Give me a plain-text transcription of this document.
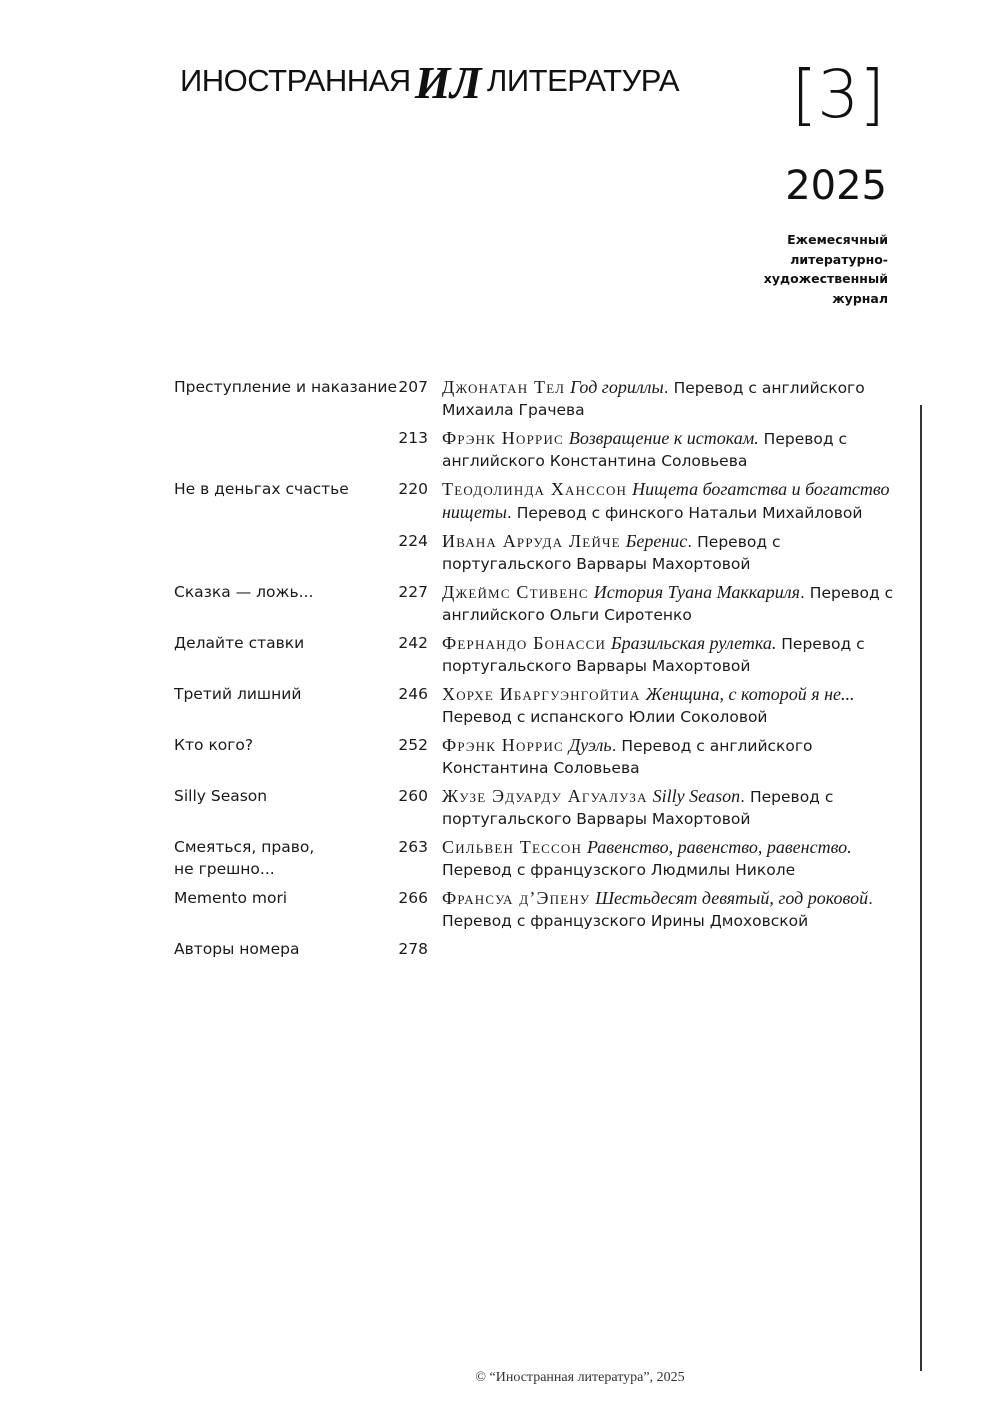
ИНОСТРАННАЯ ИЛ ЛИТЕРАТУРА [3]
2025
Ежемесячный
литературно-
художественный
журнал
Преступление и наказание 207 Джонатан Тел Год гориллы. Перевод с английского Михаила Грачева
213 Фрэнк Норрис Возвращение к истокам. Перевод с английского Константина Соловьева
Не в деньгах счастье	220 Теодолинда Ханссон Нищета богатства и богатство нищеты. Перевод с финского Натальи Михайловой
224 Ивана Арруда Лейче Беренис. Перевод с португальского Варвары Махортовой
Сказка — ложь...	227 Джеймс Стивенс История Туана Маккариля. Перевод с английского Ольги Сиротенко
Делайте ставки	242 Фернандо Бонасси Бразильская рулетка. Перевод с португальского Варвары Махортовой
Третий лишний	246 Хорхе Ибаргуэнгойтиа Женщина, с которой я не... Перевод с испанского Юлии Соколовой
Кто кого?	252 Фрэнк Норрис Дуэль. Перевод с английского Константина Соловьева
Silly Season	260 Жузе Эдуарду Агуалуза Silly Season. Перевод с португальского Варвары Махортовой
Смеяться, право,
не грешно...
263 Сильвен Тессон Равенство, равенство, равенство. Перевод с французского Людмилы Николе
Memento mori	266 Франсуа д’Эпену Шестьдесят девятый, год роковой. Перевод с французского Ирины Дмоховской
Авторы номера	278
© “Иностранная литература”, 2025
